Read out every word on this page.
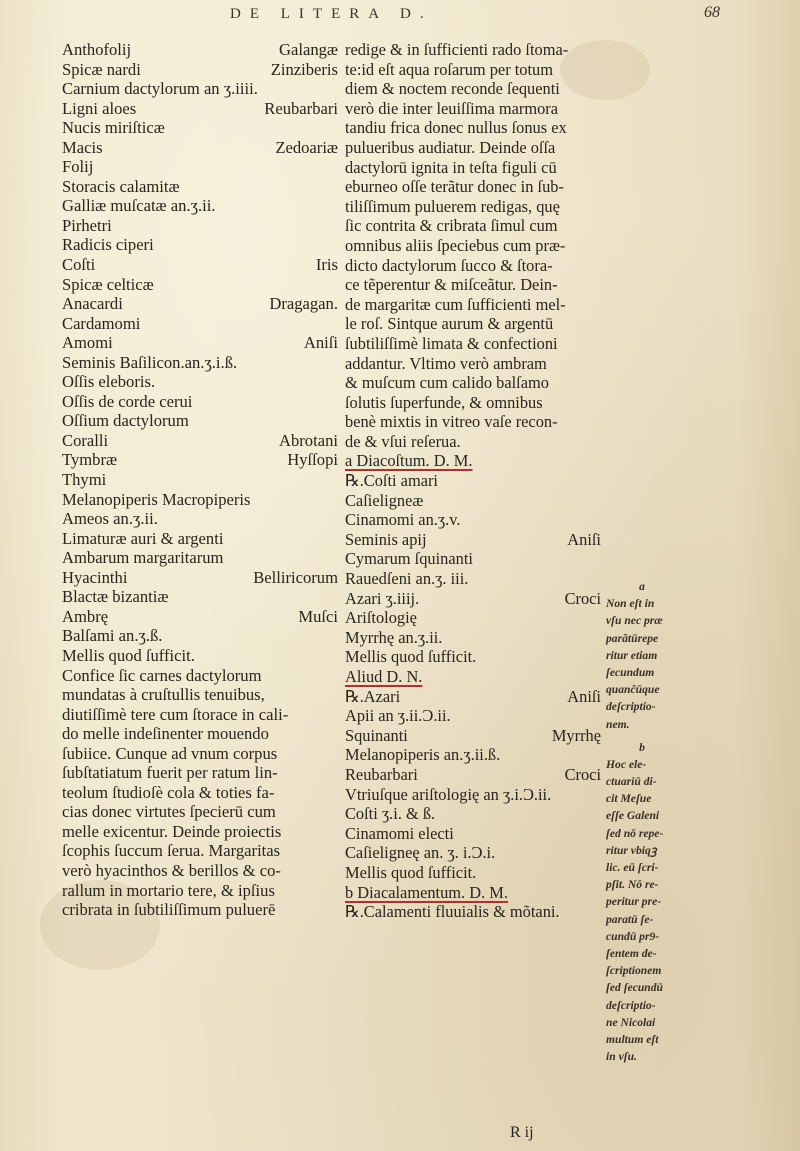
DE LITERA D.	68
Anthofolij	Galangæ
Spicæ nardi	Zinziberis
Carnium dactylorum an ʒ.iiii.
Ligni aloes	Reubarbari
Nucis miriſticæ
Macis	Zedoariæ
Folij
Storacis calamitæ
Galliæ muſcatæ an.ʒ.ii.
Pirhetri
Radicis ciperi
Coſti	Iris
Spicæ celticæ
Anacardi	Dragagan.
Cardamomi
Amomi	Aniſi
Seminis Baſilicon.an.ʒ.i.ß.
Oſſis eleboris.
Oſſis de corde cerui
Oſſium dactylorum
Coralli	Abrotani
Tymbræ	Hyſſopi
Thymi
Melanopiperis Macropiperis
Ameos an.ʒ.ii.
Limaturæ auri & argenti
Ambarum margaritarum
Hyacinthi	Belliricorum
Blactæ bizantiæ
Ambrę	Muſci
Balſami an.ʒ.ß.
Mellis quod ſufficit.
Confice ſic carnes dactylorum
mundatas à cruſtullis tenuibus,
diutiſſimè tere cum ſtorace in cali-
do melle indeſinenter mouendo
ſubiice. Cunque ad vnum corpus
ſubſtatiatum fuerit per ratum lin-
teolum ſtudioſè cola & toties fa-
cias donec virtutes ſpecierū cum
melle exicentur. Deinde proiectis
ſcophis ſuccum ſerua. Margaritas
verò hyacinthos & berillos & co-
rallum in mortario tere, & ipſius
cribrata in ſubtiliſſimum puluerē
redige & in ſufficienti rado ſtoma-
te:id eſt aqua roſarum per totum
diem & noctem reconde ſequenti
verò die inter leuiſſima marmora
tandiu frica donec nullus ſonus ex
pulueribus audiatur. Deinde oſſa
dactylorū ignita in teſta figuli cū
eburneo oſſe terãtur donec in ſub-
tiliſſimum puluerem redigas, quę
ſic contrita & cribrata ſimul cum
omnibus aliis ſpeciebus cum præ-
dicto dactylorum ſucco & ſtora-
ce tẽperentur & miſceãtur. Dein-
de margaritæ cum ſufficienti mel-
le roſ. Sintque aurum & argentū
ſubtiliſſimè limata & confectioni
addantur. Vltimo verò ambram
& muſcum cum calido balſamo
ſolutis ſuperfunde, & omnibus
benè mixtis in vitreo vaſe recon-
de & vſui reſerua.
a Diacoſtum. D. M.
℞.Coſti amari
Caſieligneæ
Cinamomi an.ʒ.v.
Seminis apij	Aniſi
Cymarum ſquinanti
Rauedſeni an.ʒ. iii.
Azari ʒ.iiij.	Croci
Ariſtologię
Myrrhę an.ʒ.ii.
Mellis quod ſufficit.
Aliud D. N.
℞.Azari	Aniſi
Apii an ʒ.ii.Ɔ.ii.
Squinanti	Myrrhę
Melanopiperis an.ʒ.ii.ß.
Reubarbari	Croci
Vtriuſque ariſtologię an ʒ.i.Ɔ.ii.
Coſti ʒ.i. & ß.
Cinamomi electi
Caſieligneę an. ʒ. i.Ɔ.i.
Mellis quod ſufficit.
b Diacalamentum. D. M.
℞.Calamenti fluuialis & mõtani.
a
Non eſt in
vſu nec præ
parãtūrepe
ritur etiam
ſecundum
quanĉūque
deſcriptio-
nem.
b
Hoc ele-
ctuariū di-
cit Meſue
eſſe Galeni
ſed nō repe-
ritur vbiqꝫ
lic. eū ſcri-
pſit. Nō re-
peritur pre-
paratū ſe-
cundū pr9-
ſentem de-
ſcriptionem
ſed ſecundū
deſcriptio-
ne Nicolai
multum eſt
in vſu.
R ij
